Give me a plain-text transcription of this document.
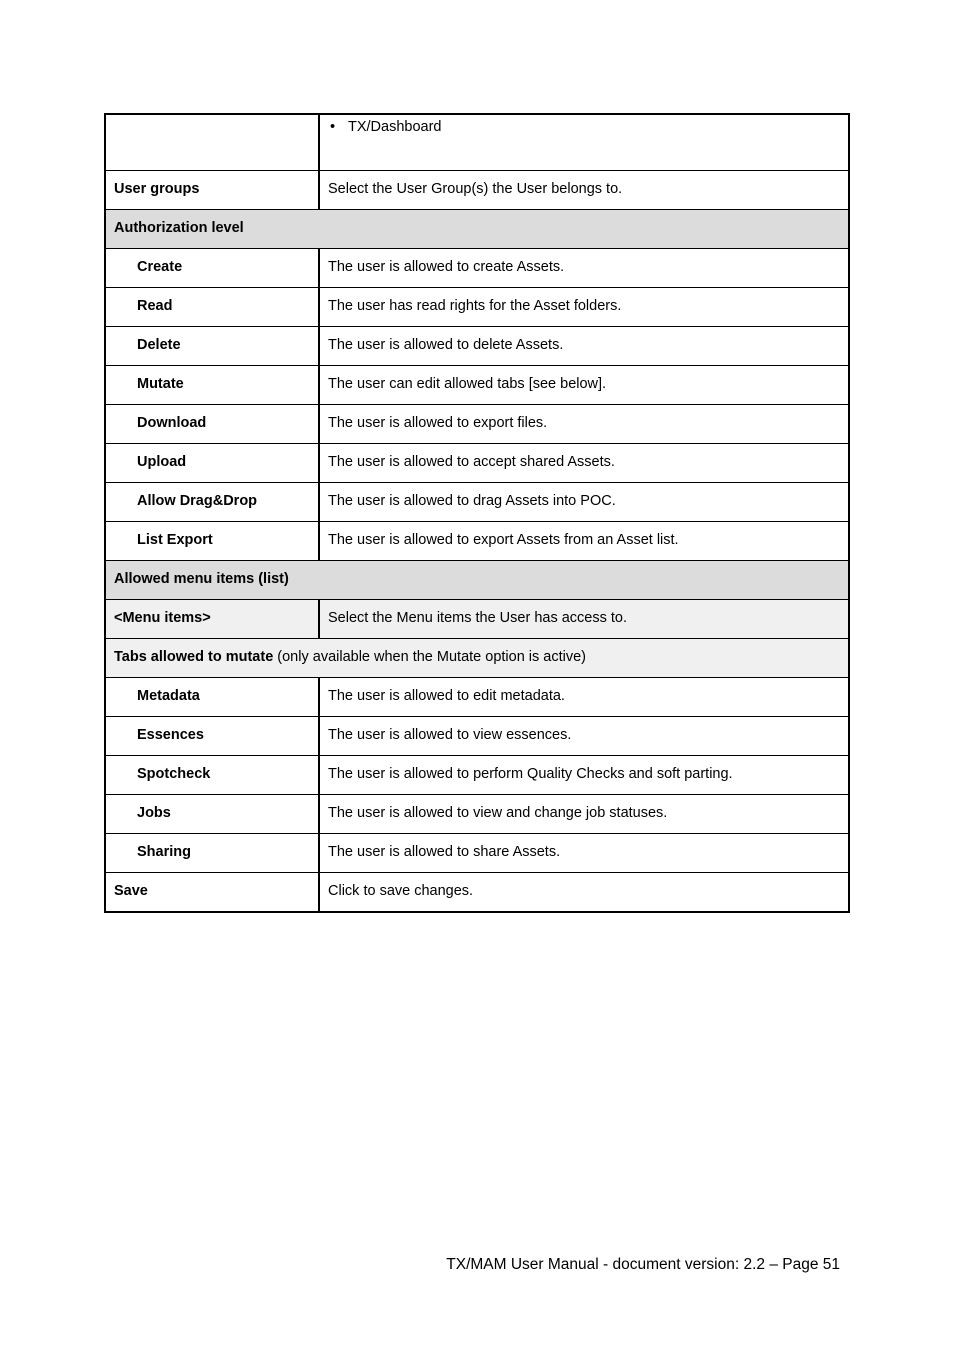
	• TX/Dashboard

User groups	Select the User Group(s) the User belongs to.
Authorization level	
Create	The user is allowed to create Assets.
Read	The user has read rights for the Asset folders.
Delete	The user is allowed to delete Assets.
Mutate	The user can edit allowed tabs [see below].
Download	The user is allowed to export files.
Upload	The user is allowed to accept shared Assets.
Allow Drag&Drop	The user is allowed to drag Assets into POC.
List Export	The user is allowed to export Assets from an Asset list.
Allowed menu items (list)	
<Menu items>	Select the Menu items the User has access to.
Tabs allowed to mutate (only available when the Mutate option is active)	
Metadata	The user is allowed to edit metadata.
Essences	The user is allowed to view essences.
Spotcheck	The user is allowed to perform Quality Checks and soft parting.
Jobs	The user is allowed to view and change job statuses.
Sharing	The user is allowed to share Assets.
Save	Click to save changes.
TX/MAM User Manual - document version: 2.2 – Page 51
